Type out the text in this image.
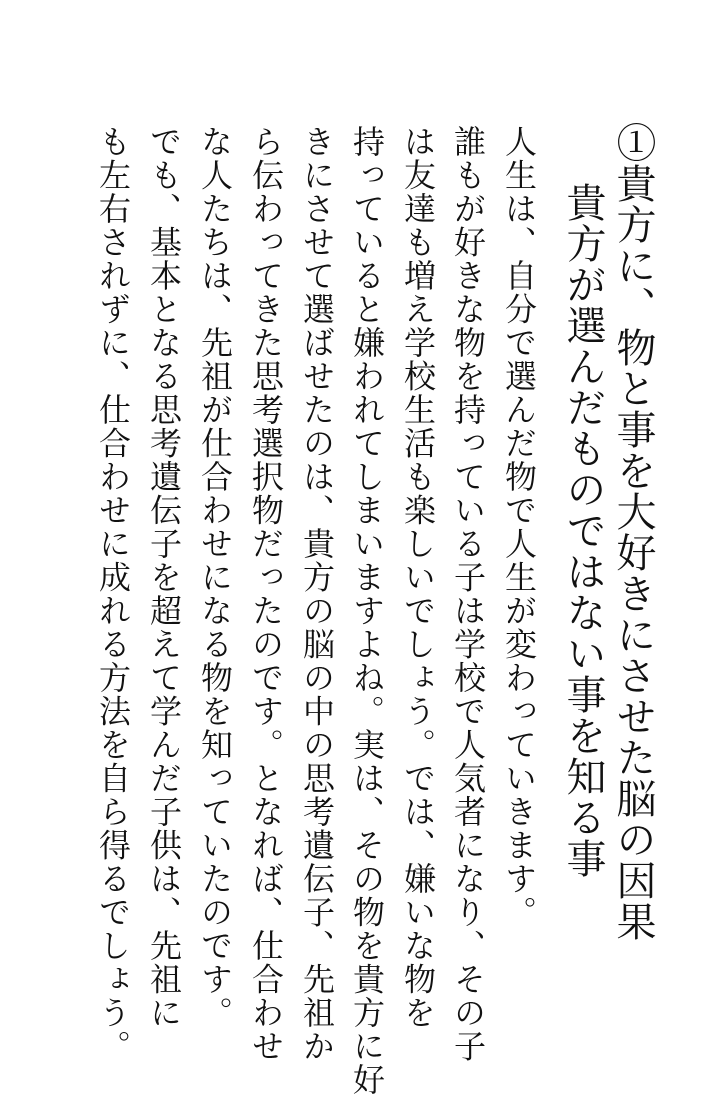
①貴方に、物と事を大好きにさせた脳の因果
貴方が選んだものではない事を知る事
人生は、自分で選んだ物で人生が変わっていきます。
誰もが好きな物を持っている子は学校で人気者になり、その子
は友達も増え学校生活も楽しいでしょう。では、嫌いな物を
持っていると嫌われてしまいますよね。実は、その物を貴方に好
きにさせて選ばせたのは、貴方の脳の中の思考遺伝子、先祖か
ら伝わってきた思考選択物だったのです。となれば、仕合わせ
な人たちは、先祖が仕合わせになる物を知っていたのです。
でも、基本となる思考遺伝子を超えて学んだ子供は、先祖に
も左右されずに、仕合わせに成れる方法を自ら得るでしょう。
